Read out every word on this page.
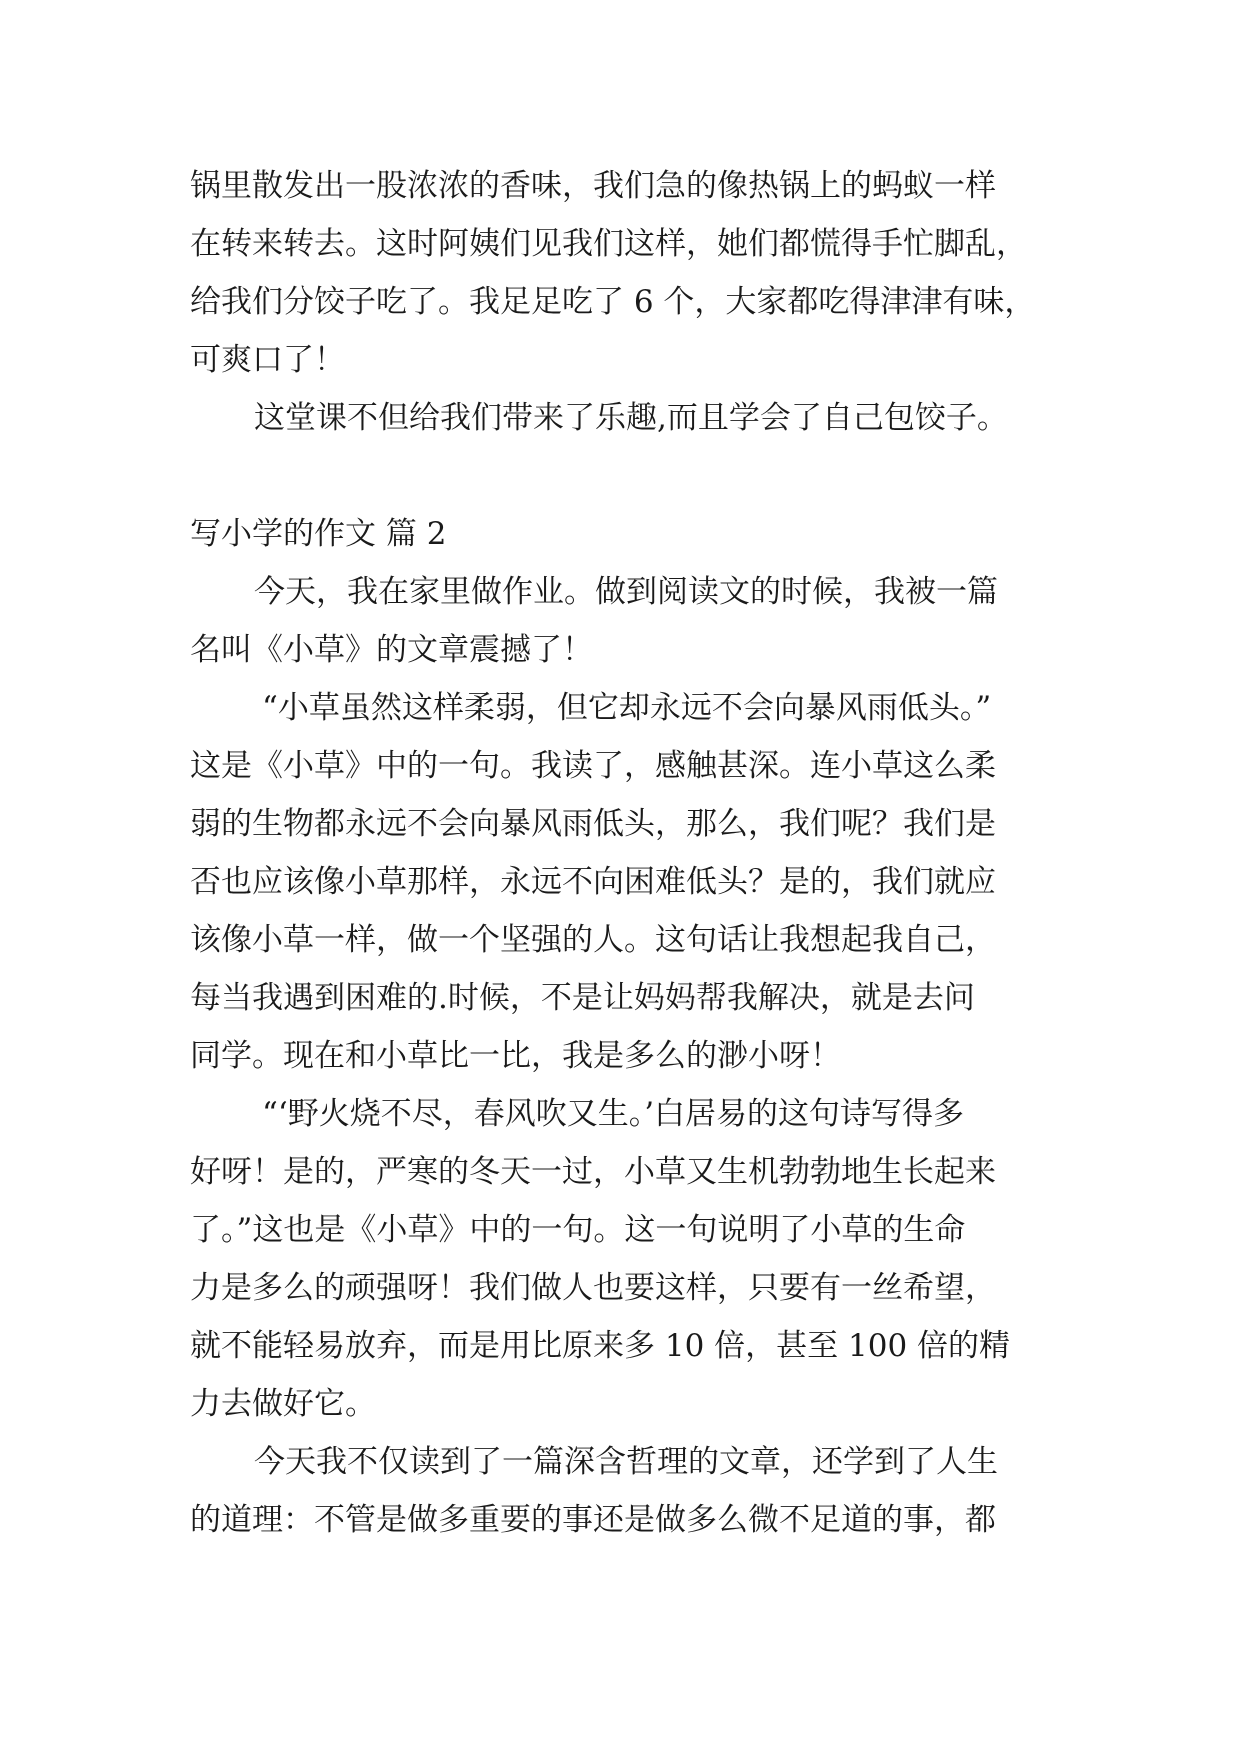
锅里散发出一股浓浓的香味，我们急的像热锅上的蚂蚁一样
在转来转去。这时阿姨们见我们这样，她们都慌得手忙脚乱，
给我们分饺子吃了。我足足吃了 6 个，大家都吃得津津有味，
可爽口了！
这堂课不但给我们带来了乐趣,而且学会了自己包饺子。
写小学的作文 篇 2
今天，我在家里做作业。做到阅读文的时候，我被一篇
名叫《小草》的文章震撼了！
“小草虽然这样柔弱，但它却永远不会向暴风雨低头。”
这是《小草》中的一句。我读了，感触甚深。连小草这么柔
弱的生物都永远不会向暴风雨低头，那么，我们呢？我们是
否也应该像小草那样，永远不向困难低头？是的，我们就应
该像小草一样，做一个坚强的人。这句话让我想起我自己，
每当我遇到困难的.时候，不是让妈妈帮我解决，就是去问
同学。现在和小草比一比，我是多么的渺小呀！
“‘野火烧不尽，春风吹又生。’白居易的这句诗写得多
好呀！是的，严寒的冬天一过，小草又生机勃勃地生长起来
了。”这也是《小草》中的一句。这一句说明了小草的生命
力是多么的顽强呀！我们做人也要这样，只要有一丝希望，
就不能轻易放弃，而是用比原来多 10 倍，甚至 100 倍的精
力去做好它。
今天我不仅读到了一篇深含哲理的文章，还学到了人生
的道理：不管是做多重要的事还是做多么微不足道的事，都
